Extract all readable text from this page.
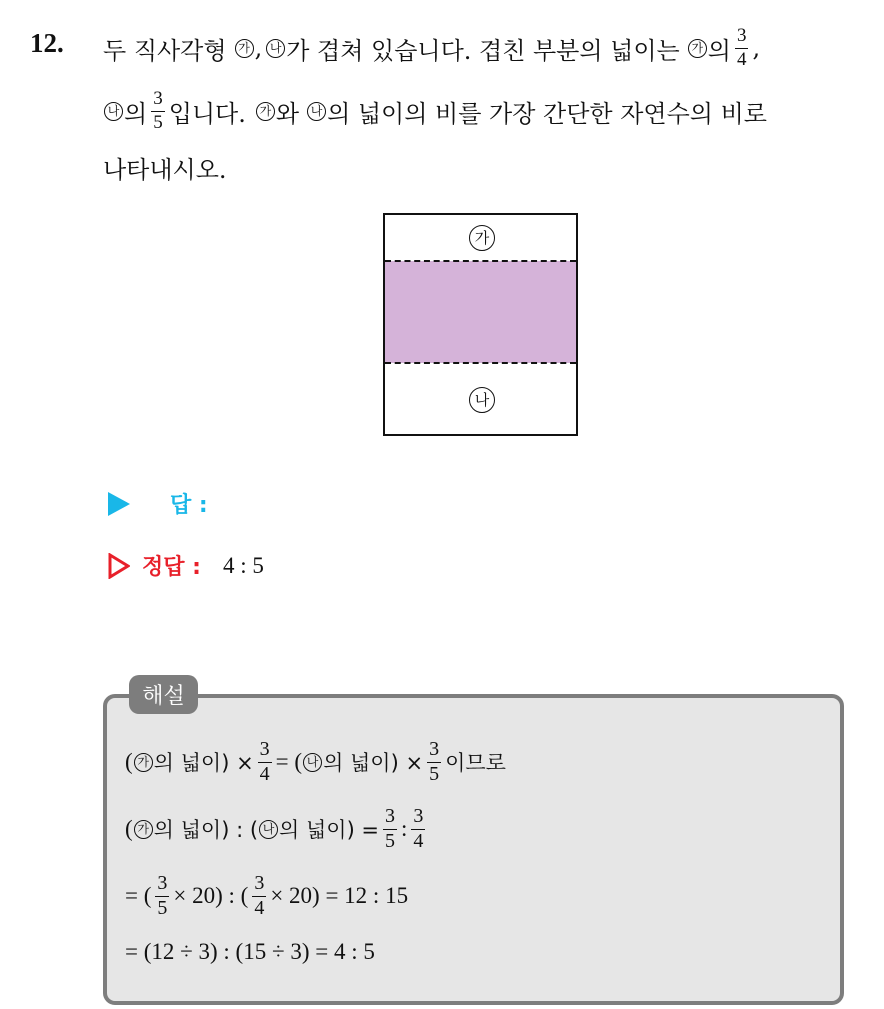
12. 두 직사각형 가 , 나 가 겹쳐 있습니다. 겹친 부분의 넓이는 가 의 $\frac{3}{4}$ ,
나 의 $\frac{3}{5}$ 입니다.	가 와 나 의 넓이의 비를 가장 간단한 자연수의 비로
나타내시오.
가
나
답 :
정답 : 4 : 5
해설
( 가 의 넓이) × $\frac{3}{4}$ = ( 나 의 넓이) × $\frac{3}{5}$ 이므로
( 가 의 넓이) : ( 나 의 넓이) = $\frac{3}{5}$ : $\frac{3}{4}$
= ( $\frac{3}{5} \times 20$) : ( $\frac{3}{4} \times 20) = 12$ : 15
= (12 ÷ 3) : (15 ÷ 3) = 4 : 5
